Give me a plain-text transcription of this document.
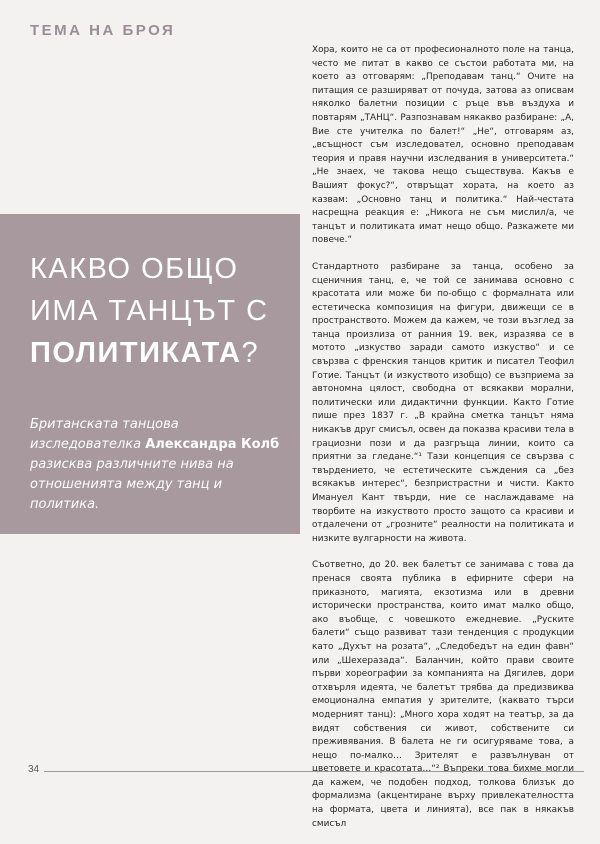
ТЕМА НА БРОЯ
КАКВО ОБЩО
ИМА ТАНЦЪТ С
ПОЛИТИКАТА?
Британската танцова изследователка Александра Колб разисква различните нива на отношенията между танц и политика.

Хора, които не са от професионалното поле на танца, често ме питат в какво се състои работата ми, на което аз отговарям: „Преподавам танц.“ Очите на питащия се разширяват от почуда, затова аз описвам няколко балетни позиции с ръце във въздуха и повтарям „ТАНЦ“. Разпознавам някакво разбиране: „А, Вие сте учителка по балет!“ „Не“, отговарям аз, „всъщност съм изследовател, основно преподавам теория и правя научни изследвания в университета.“ „Не знаех, че такова нещо съществува. Какъв е Вашият фокус?“, отвръщат хората, на което аз казвам: „Основно танц и политика.“ Най-честата насрещна реакция е: „Никога не съм мислил/а, че танцът и политиката имат нещо общо. Разкажете ми повече.“

Стандартното разбиране за танца, особено за сценичния танц, е, че той се занимава основно с красотата или може би по-общо с формалната или естетическа композиция на фигури, движещи се в пространството. Можем да кажем, че този възглед за танца произлиза от ранния 19. век, изразява се в мотото „изкуство заради самото изкуство“ и се свързва с френския танцов критик и писател Теофил Готие. Танцът (и изкуството изобщо) се възприема за автономна цялост, свободна от всякакви морални, политически или дидактични функции. Както Готие пише през 1837 г. „В крайна сметка танцът няма никакъв друг смисъл, освен да показва красиви тела в грациозни пози и да разгръща линии, които са приятни за гледане.“¹ Тази концепция се свързва с твърдението, че естетическите съждения са „без всякакъв интерес“, безпристрастни и чисти. Както Имануел Кант твърди, ние се наслаждаваме на творбите на изкуството просто защото са красиви и отдалечени от „грозните“ реалности на политиката и низките вулгарности на живота.

Съответно, до 20. век балетът се занимава с това да пренася своята публика в ефирните сфери на приказното, магията, екзотизма или в древни исторически пространства, които имат малко общо, ако въобще, с човешкото ежедневие. „Руските балети“ също развиват тази тенденция с продукции като „Духът на розата“, „Следобедът на един фавн“ или „Шехеразада“. Баланчин, който прави своите първи хореографии за компанията на Дягилев, дори отхвърля идеята, че балетът трябва да предизвиква емоционална емпатия у зрителите, (каквато търси модерният танц): „Много хора ходят на театър, за да видят собствения си живот, собствените си преживявания. В балета не ги осигуряваме това, а нещо по-малко… Зрителят е развълнуван от цветовете и красотата…“² Въпреки това бихме могли да кажем, че подобен подход, толкова близък до формализма (акцентиране върху привлекателността на формата, цвета и линията), все пак в някакъв смисъл

34
